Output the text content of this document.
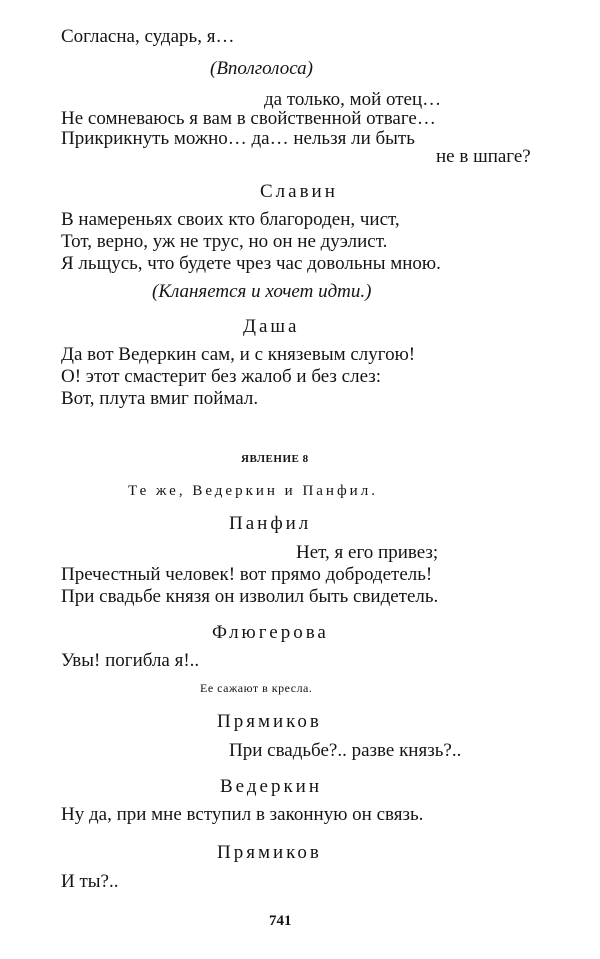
Согласна, сударь, я…
(Вполголоса)
да только, мой отец…
Не сомневаюсь я вам в свойственной отваге…
Прикрикнуть можно… да… нельзя ли быть
не в шпаге?
Славин
В намереньях своих кто благороден, чист,
Тот, верно, уж не трус, но он не дуэлист.
Я льщусь, что будете чрез час довольны мною.
(Кланяется и хочет идти.)
Даша
Да вот Ведеркин сам, и с князевым слугою!
О! этот смастерит без жалоб и без слез:
Вот, плута вмиг поймал.
ЯВЛЕНИЕ 8
Те же, Ведеркин и Панфил.
Панфил
Нет, я его привез;
Пречестный человек! вот прямо добродетель!
При свадьбе князя он изволил быть свидетель.
Флюгерова
Увы! погибла я!..
Ее сажают в кресла.
Прямиков
При свадьбе?.. разве князь?..
Ведеркин
Ну да, при мне вступил в законную он связь.
Прямиков
И ты?..
741
